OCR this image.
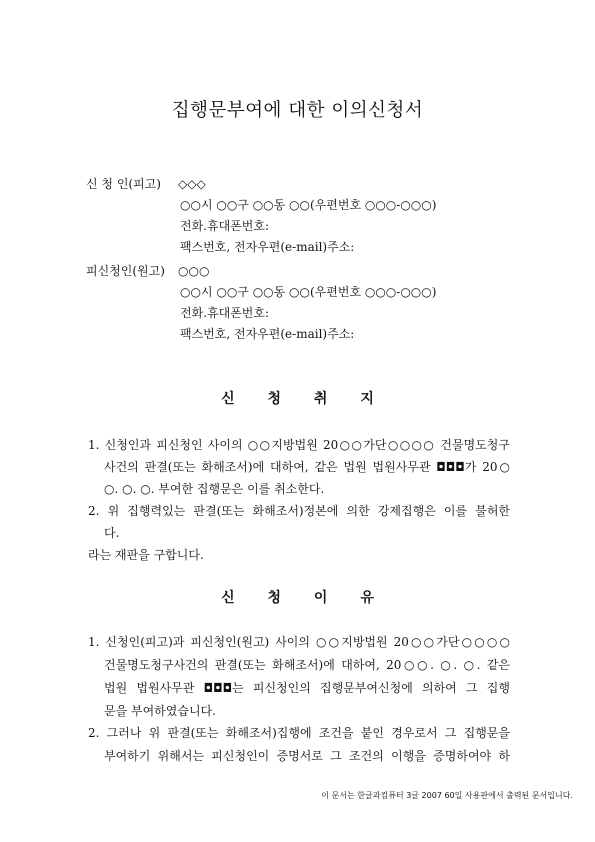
집행문부여에 대한 이의신청서
신 청 인(피고) ◇◇◇
○○시 ○○구 ○○동 ○○(우편번호 ○○○-○○○)
전화.휴대폰번호:
팩스번호, 전자우편(e-mail)주소:
피신청인(원고) ○○○
○○시 ○○구 ○○동 ○○(우편번호 ○○○-○○○)
전화.휴대폰번호:
팩스번호, 전자우편(e-mail)주소:
신 청 취 지
1. 신청인과 피신청인 사이의 ○○지방법원 20○○가단○○○○ 건물명도청구
사건의 판결(또는 화해조서)에 대하여, 같은 법원 법원사무관 ◘◘◘가 20○
○. ○. ○. 부여한 집행문은 이를 취소한다.
2. 위 집행력있는 판결(또는 화해조서)정본에 의한 강제집행은 이를 불허한
다.
라는 재판을 구합니다.
신 청 이 유
1. 신청인(피고)과 피신청인(원고) 사이의 ○○지방법원 20○○가단○○○○
건물명도청구사건의 판결(또는 화해조서)에 대하여, 20○○. ○. ○. 같은
법원 법원사무관 ◘◘◘는 피신청인의 집행문부여신청에 의하여 그 집행
문을 부여하였습니다.
2. 그러나 위 판결(또는 화해조서)집행에 조건을 붙인 경우로서 그 집행문을
부여하기 위해서는 피신청인이 증명서로 그 조건의 이행을 증명하여야 하
이 문서는 한글과컴퓨터 3글 2007 60일 사용판에서 출력된 문서입니다.
